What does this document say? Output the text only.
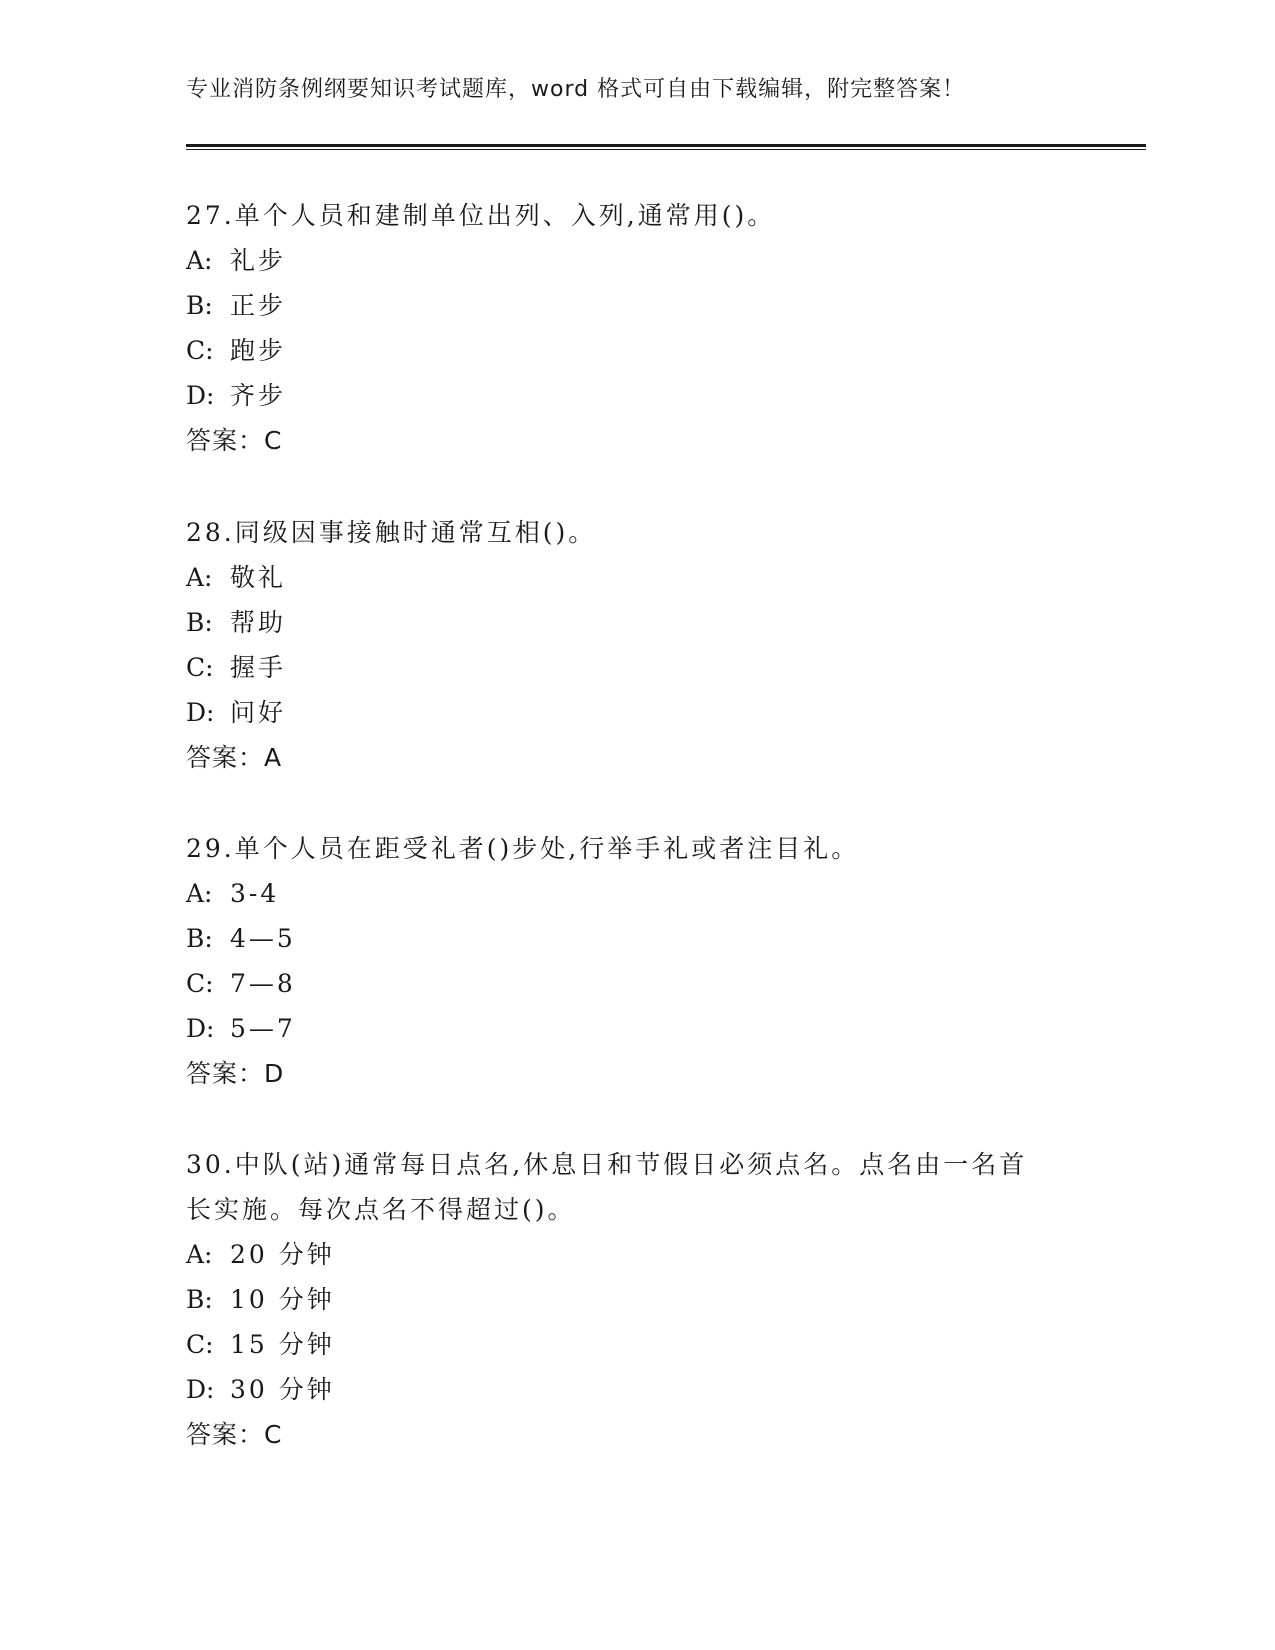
专业消防条例纲要知识考试题库，word 格式可自由下载编辑，附完整答案！
27.单个人员和建制单位出列、入列,通常用()。
A: 礼步
B: 正步
C: 跑步
D: 齐步
答案：C
28.同级因事接触时通常互相()。
A: 敬礼
B: 帮助
C: 握手
D: 问好
答案：A
29.单个人员在距受礼者()步处,行举手礼或者注目礼。
A: 3-4
B: 4—5
C: 7—8
D: 5—7
答案：D
30.中队(站)通常每日点名,休息日和节假日必须点名。点名由一名首
长实施。每次点名不得超过()。
A: 20 分钟
B: 10 分钟
C: 15 分钟
D: 30 分钟
答案：C
